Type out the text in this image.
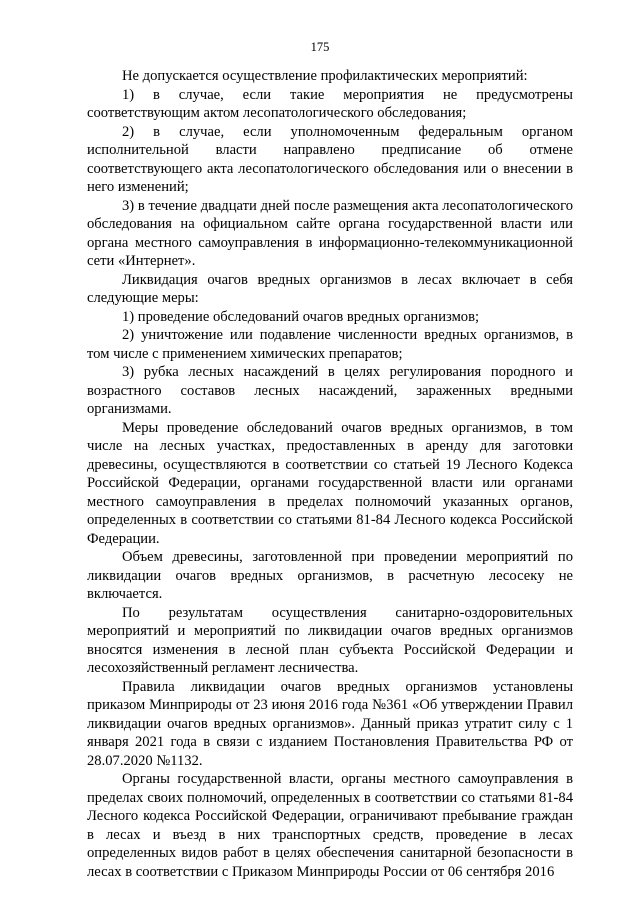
175

Не допускается осуществление профилактических мероприятий:

1) в случае, если такие мероприятия не предусмотрены соответствующим актом лесопатологического обследования;

2) в случае, если уполномоченным федеральным органом исполнительной власти направлено предписание об отмене соответствующего акта лесопатологического обследования или о внесении в него изменений;

3) в течение двадцати дней после размещения акта лесопатологического обследования на официальном сайте органа государственной власти или органа местного самоуправления в информационно-телекоммуникационной сети «Интернет».

Ликвидация очагов вредных организмов в лесах включает в себя следующие меры:

1) проведение обследований очагов вредных организмов;

2) уничтожение или подавление численности вредных организмов, в том числе с применением химических препаратов;

3) рубка лесных насаждений в целях регулирования породного и возрастного составов лесных насаждений, зараженных вредными организмами.

Меры проведение обследований очагов вредных организмов, в том числе на лесных участках, предоставленных в аренду для заготовки древесины, осуществляются в соответствии со статьей 19 Лесного Кодекса Российской Федерации, органами государственной власти или органами местного самоуправления в пределах полномочий указанных органов, определенных в соответствии со статьями 81-84 Лесного кодекса Российской Федерации.

Объем древесины, заготовленной при проведении мероприятий по ликвидации очагов вредных организмов, в расчетную лесосеку не включается.

По результатам осуществления санитарно-оздоровительных мероприятий и мероприятий по ликвидации очагов вредных организмов вносятся изменения в лесной план субъекта Российской Федерации и лесохозяйственный регламент лесничества.

Правила ликвидации очагов вредных организмов установлены приказом Минприроды от 23 июня 2016 года №361 «Об утверждении Правил ликвидации очагов вредных организмов». Данный приказ утратит силу с 1 января 2021 года в связи с изданием Постановления Правительства РФ от 28.07.2020 №1132.

Органы государственной власти, органы местного самоуправления в пределах своих полномочий, определенных в соответствии со статьями 81-84 Лесного кодекса Российской Федерации, ограничивают пребывание граждан в лесах и въезд в них транспортных средств, проведение в лесах определенных видов работ в целях обеспечения санитарной безопасности в лесах в соответствии с Приказом Минприроды России от 06 сентября 2016
